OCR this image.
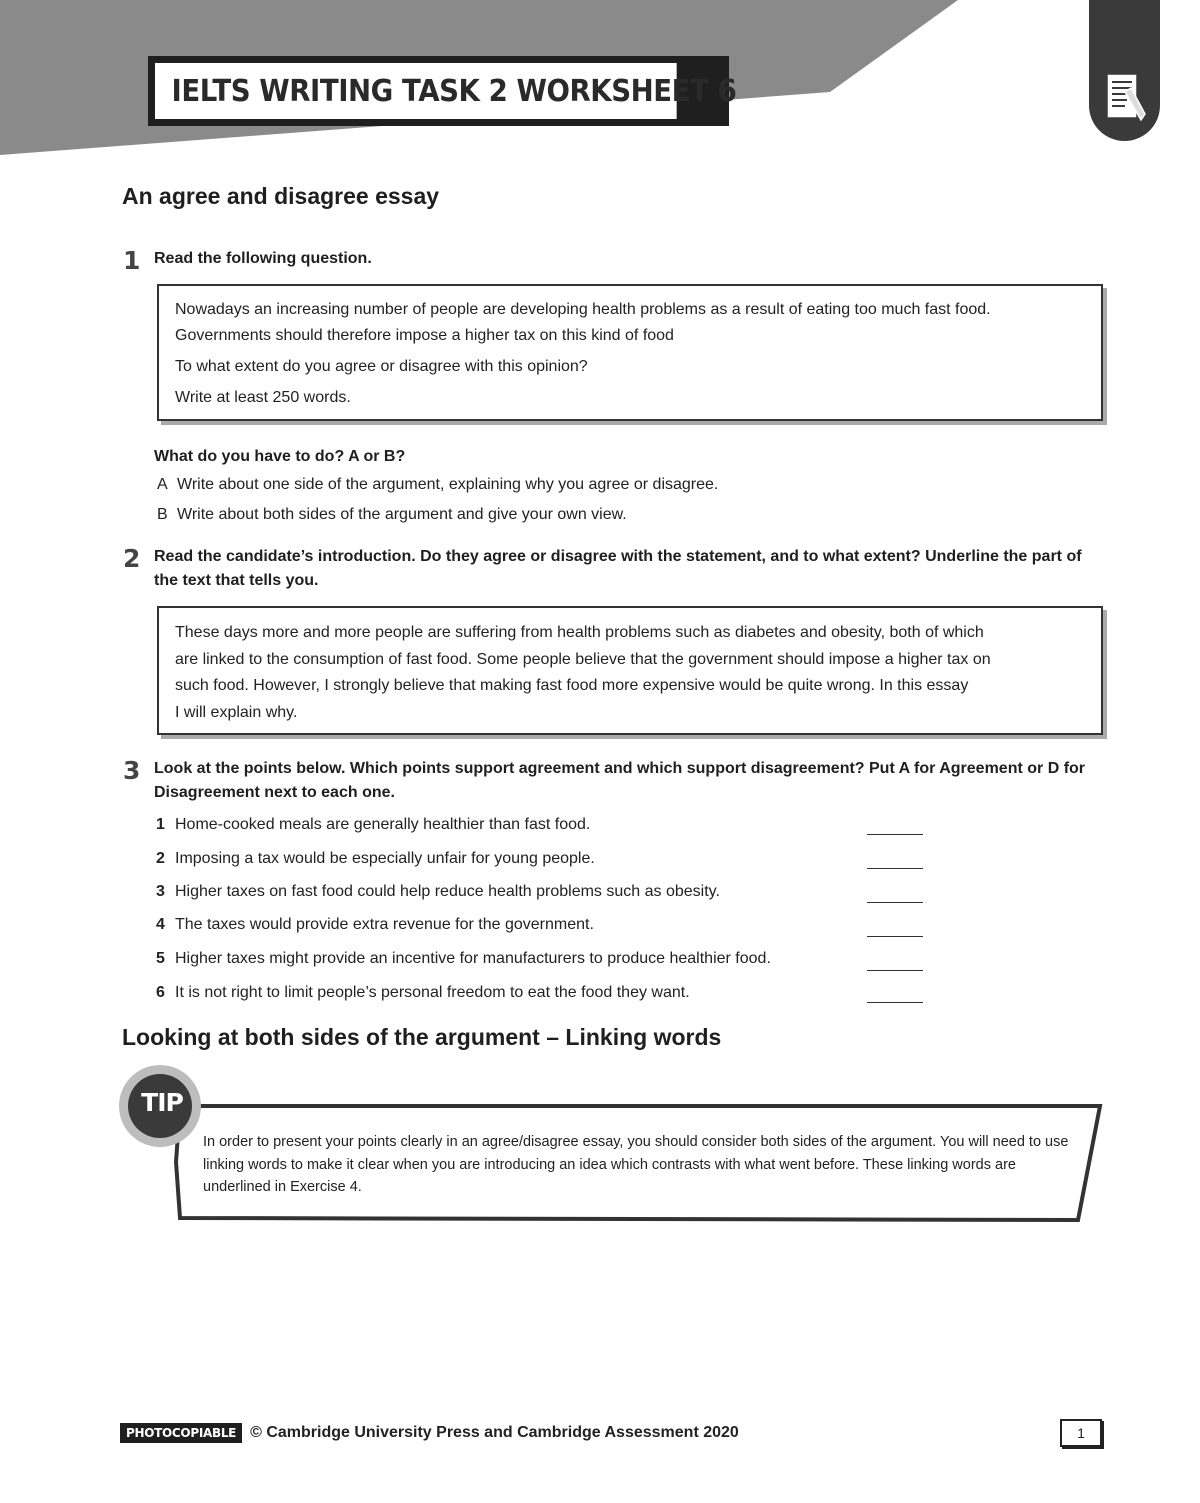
IELTS WRITING TASK 2 WORKSHEET 6
An agree and disagree essay
1 Read the following question.

Nowadays an increasing number of people are developing health problems as a result of eating too much fast food.

Governments should therefore impose a higher tax on this kind of food

To what extent do you agree or disagree with this opinion?

Write at least 250 words.

What do you have to do? A or B?

A Write about one side of the argument, explaining why you agree or disagree.
B Write about both sides of the argument and give your own view.
2 Read the candidate’s introduction. Do they agree or disagree with the statement, and to what extent? Underline the part of the text that tells you.

These days more and more people are suffering from health problems such as diabetes and obesity, both of which

are linked to the consumption of fast food. Some people believe that the government should impose a higher tax on

such food. However, I strongly believe that making fast food more expensive would be quite wrong. In this essay

I will explain why.

3 Look at the points below. Which points support agreement and which support disagreement? Put A for Agreement or D for Disagreement next to each one.

1 Home-cooked meals are generally healthier than fast food.
2 Imposing a tax would be especially unfair for young people.
3 Higher taxes on fast food could help reduce health problems such as obesity.
4 The taxes would provide extra revenue for the government.
5 Higher taxes might provide an incentive for manufacturers to produce healthier food.
6 It is not right to limit people’s personal freedom to eat the food they want.
Looking at both sides of the argument – Linking words
TIP

In order to present your points clearly in an agree/disagree essay, you should consider both sides of the argument. You will need to use linking words to make it clear when you are introducing an idea which contrasts with what went before. These linking words are underlined in Exercise 4.

PHOTOCOPIABLE © Cambridge University Press and Cambridge Assessment 2020	1
